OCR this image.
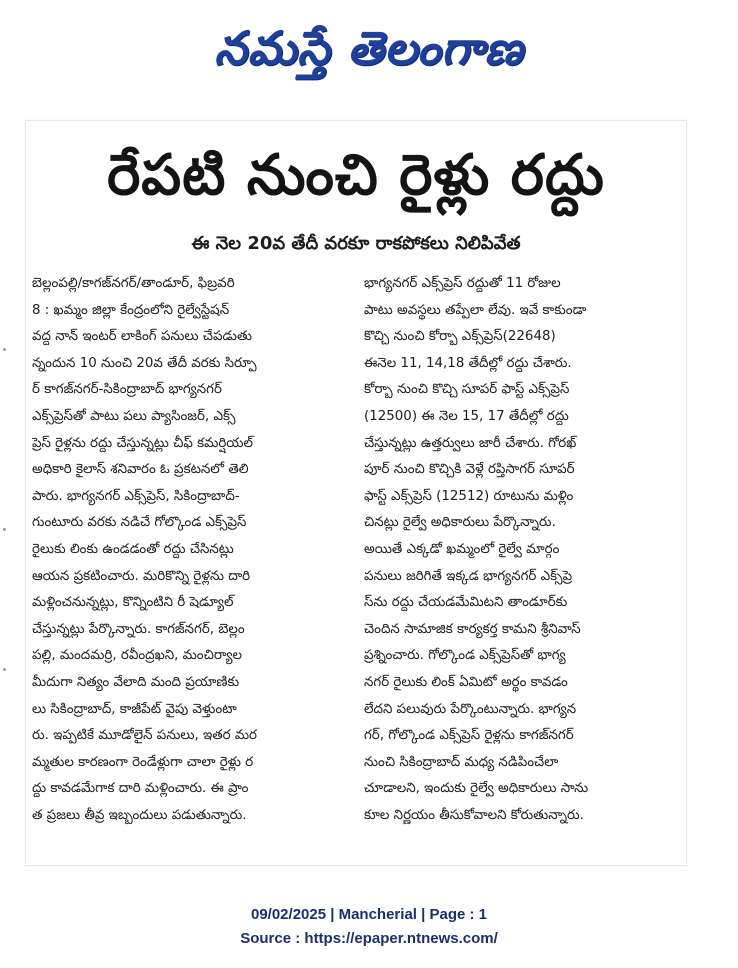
నమస్తే తెలంగాణ
రేపటి నుంచి రైళ్లు రద్దు
ఈ నెల 20వ తేదీ వరకూ రాకపోకలు నిలిపివేత
బెల్లంపల్లి/కాగజ్‌నగర్/తాండూర్, ఫిబ్రవరి
8 : ఖమ్మం జిల్లా కేంద్రంలోని రైల్వేస్టేషన్
వద్ద నాన్ ఇంటర్ లాకింగ్ పనులు చేపడుతు
న్నందున 10 నుంచి 20వ తేదీ వరకు సిర్పూ
ర్ కాగజ్‌నగర్-సికింద్రాబాద్ భాగ్యనగర్
ఎక్స్‌ప్రెస్‌తో పాటు పలు ప్యాసింజర్, ఎక్స్
ప్రెస్ రైళ్లను రద్దు చేస్తున్నట్లు చీఫ్ కమర్షియల్
అధికారి కైలాస్ శనివారం ఓ ప్రకటనలో తెలి
పారు. భాగ్యనగర్ ఎక్స్‌ప్రెస్, సికింద్రాబాద్-
గుంటూరు వరకు నడిచే గోల్కొండ ఎక్స్‌ప్రెస్
రైలుకు లింకు ఉండడంతో రద్దు చేసినట్లు
ఆయన ప్రకటించారు. మరికొన్ని రైళ్లను దారి
మళ్లించనున్నట్లు, కొన్నింటిని రీ షెడ్యూల్
చేస్తున్నట్లు పేర్కొన్నారు. కాగజ్‌నగర్, బెల్లం
పల్లి, మందమర్రి, రవీంద్రఖని, మంచిర్యాల
మీదుగా నిత్యం వేలాది మంది ప్రయాణికు
లు సికింద్రాబాద్, కాజీపేట్ వైపు వెళ్తుంటా
రు. ఇప్పటికే మూడోలైన్ పనులు, ఇతర మర
మ్మతుల కారణంగా రెండేళ్లుగా చాలా రైళ్లు ర
ద్దు కావడమేగాక దారి మళ్లించారు. ఈ ప్రాం
త ప్రజలు తీవ్ర ఇబ్బందులు పడుతున్నారు.
భాగ్యనగర్ ఎక్స్‌ప్రెస్ రద్దుతో 11 రోజుల
పాటు అవస్థలు తప్పేలా లేవు. ఇవే కాకుండా
కొచ్చి నుంచి కోర్బా ఎక్స్‌ప్రెస్(22648)
ఈనెల 11, 14,18 తేదీల్లో రద్దు చేశారు.
కోర్బా నుంచి కొచ్చి సూపర్ ఫాస్ట్ ఎక్స్‌ప్రెస్
(12500) ఈ నెల 15, 17 తేదీల్లో రద్దు
చేస్తున్నట్లు ఉత్తర్వులు జారీ చేశారు. గోరఖ్
పూర్ నుంచి కొచ్చికి వెళ్లే రప్తిసాగర్ సూపర్
ఫాస్ట్ ఎక్స్‌ప్రెస్ (12512) రూటును మళ్లిం
చినట్లు రైల్వే అధికారులు పేర్కొన్నారు.
అయితే ఎక్కడో ఖమ్మంలో రైల్వే మార్గం
పనులు జరిగితే ఇక్కడ భాగ్యనగర్ ఎక్స్‌ప్రె
స్‌ను రద్దు చేయడమేమిటని తాండూర్‌కు
చెందిన సామాజిక కార్యకర్త కామని శ్రీనివాస్
ప్రశ్నించారు. గోల్కొండ ఎక్స్‌ప్రెస్‌తో భాగ్య
నగర్ రైలుకు లింక్ ఏమిటో అర్థం కావడం
లేదని పలువురు పేర్కొంటున్నారు. భాగ్యన
గర్, గోల్కొండ ఎక్స్‌ప్రెస్ రైళ్లను కాగజ్‌నగర్
నుంచి సికింద్రాబాద్ మధ్య నడిపించేలా
చూడాలని, ఇందుకు రైల్వే అధికారులు సాను
కూల నిర్ణయం తీసుకోవాలని కోరుతున్నారు.
09/02/2025 | Mancherial | Page : 1
Source : https://epaper.ntnews.com/
